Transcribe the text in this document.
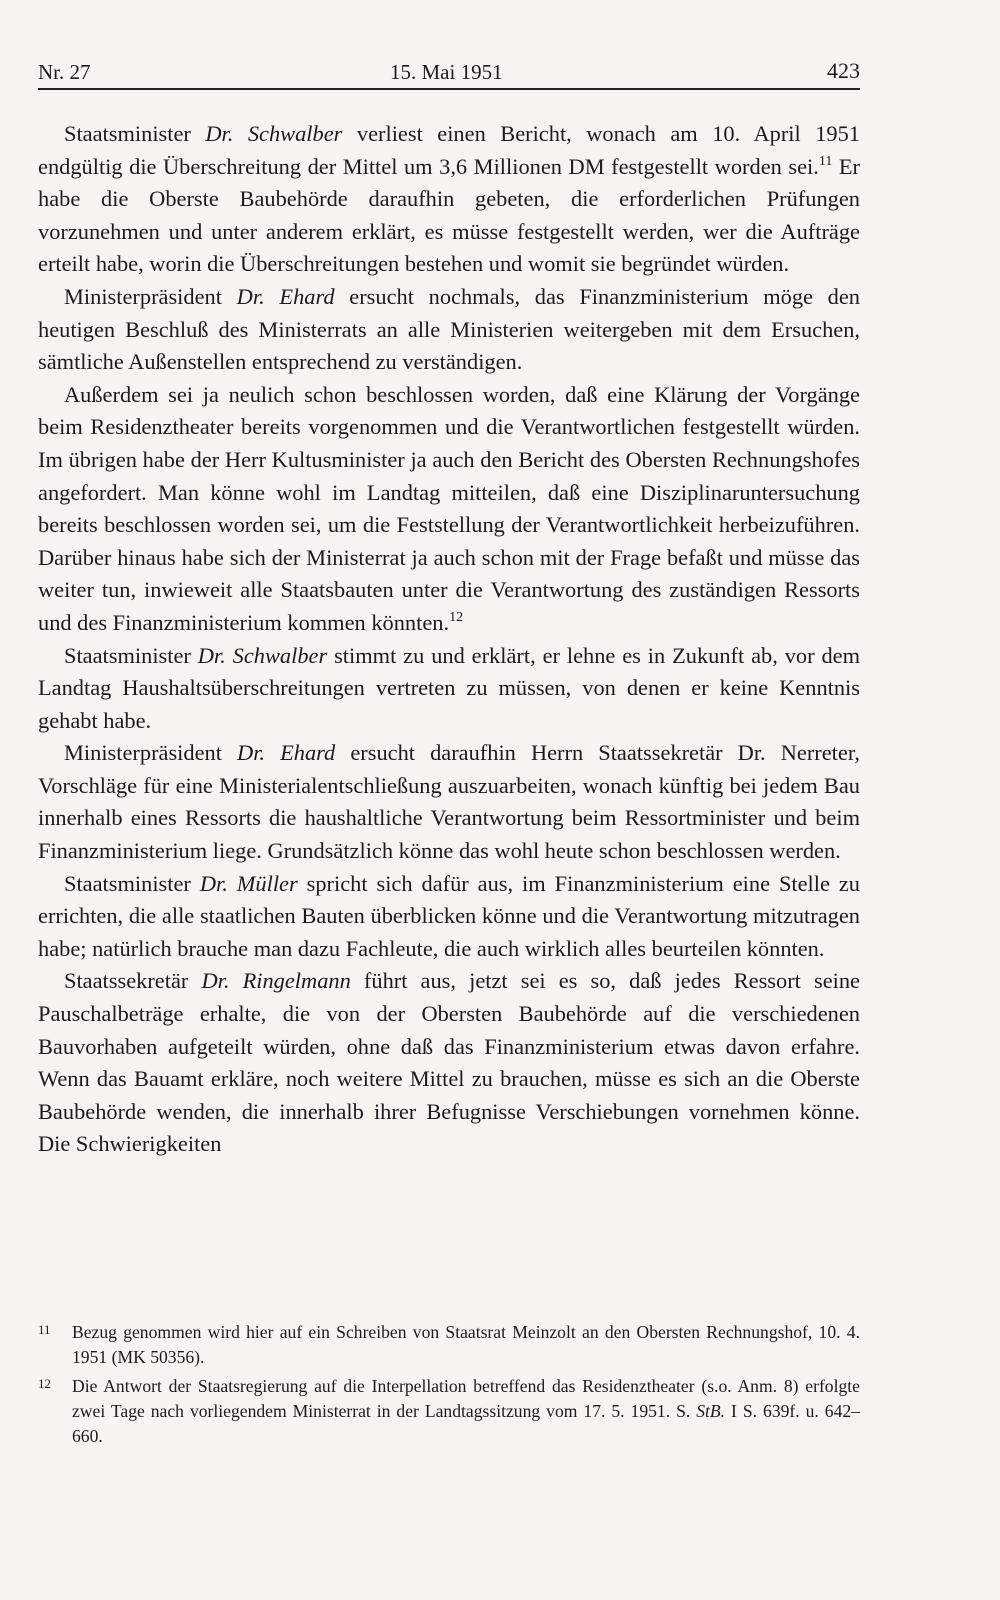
Nr. 27	15. Mai 1951	423

Staatsminister Dr. Schwalber verliest einen Bericht, wonach am 10. April 1951 endgültig die Überschreitung der Mittel um 3,6 Millionen DM festgestellt worden sei.$^{11}$ Er habe die Oberste Baubehörde daraufhin gebeten, die erforderlichen Prüfungen vorzunehmen und unter anderem erklärt, es müsse festgestellt werden, wer die Aufträge erteilt habe, worin die Überschreitungen bestehen und womit sie begründet würden.

Ministerpräsident Dr. Ehard ersucht nochmals, das Finanzministerium möge den heutigen Beschluß des Ministerrats an alle Ministerien weitergeben mit dem Ersuchen, sämtliche Außenstellen entsprechend zu verständigen.

Außerdem sei ja neulich schon beschlossen worden, daß eine Klärung der Vorgänge beim Residenztheater bereits vorgenommen und die Verantwortlichen festgestellt würden. Im übrigen habe der Herr Kultusminister ja auch den Bericht des Obersten Rechnungshofes angefordert. Man könne wohl im Landtag mitteilen, daß eine Disziplinaruntersuchung bereits beschlossen worden sei, um die Feststellung der Verantwortlichkeit herbeizuführen. Darüber hinaus habe sich der Ministerrat ja auch schon mit der Frage befaßt und müsse das weiter tun, inwieweit alle Staatsbauten unter die Verantwortung des zuständigen Ressorts und des Finanzministerium kommen könnten.$^{12}$

Staatsminister Dr. Schwalber stimmt zu und erklärt, er lehne es in Zukunft ab, vor dem Landtag Haushaltsüberschreitungen vertreten zu müssen, von denen er keine Kenntnis gehabt habe.

Ministerpräsident Dr. Ehard ersucht daraufhin Herrn Staatssekretär Dr. Nerreter, Vorschläge für eine Ministerialentschließung auszuarbeiten, wonach künftig bei jedem Bau innerhalb eines Ressorts die haushaltliche Verantwortung beim Ressortminister und beim Finanzministerium liege. Grundsätzlich könne das wohl heute schon beschlossen werden.

Staatsminister Dr. Müller spricht sich dafür aus, im Finanzministerium eine Stelle zu errichten, die alle staatlichen Bauten überblicken könne und die Verantwortung mitzutragen habe; natürlich brauche man dazu Fachleute, die auch wirklich alles beurteilen könnten.

Staatssekretär Dr. Ringelmann führt aus, jetzt sei es so, daß jedes Ressort seine Pauschalbeträge erhalte, die von der Obersten Baubehörde auf die verschiedenen Bauvorhaben aufgeteilt würden, ohne daß das Finanzministerium etwas davon erfahre. Wenn das Bauamt erkläre, noch weitere Mittel zu brauchen, müsse es sich an die Oberste Baubehörde wenden, die innerhalb ihrer Befugnisse Verschiebungen vornehmen könne. Die Schwierigkeiten

11 Bezug genommen wird hier auf ein Schreiben von Staatsrat Meinzolt an den Obersten Rechnungshof, 10. 4. 1951 (MK 50356).

12 Die Antwort der Staatsregierung auf die Interpellation betreffend das Residenztheater (s.o. Anm. 8) erfolgte zwei Tage nach vorliegendem Ministerrat in der Landtagssitzung vom 17. 5. 1951. S. StB. I S. 639f. u. 642–660.
